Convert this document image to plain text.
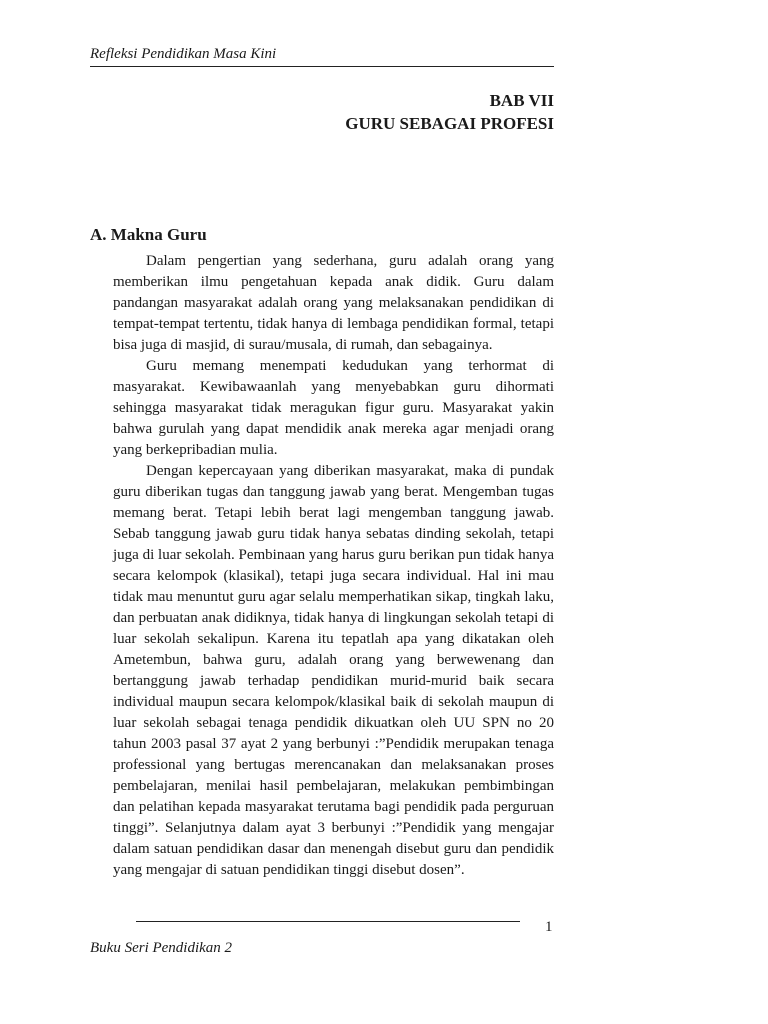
Refleksi Pendidikan Masa Kini
BAB VII
GURU SEBAGAI PROFESI
A. Makna Guru

Dalam pengertian yang sederhana, guru adalah orang yang memberikan ilmu pengetahuan kepada anak didik. Guru dalam pandangan masyarakat adalah orang yang melaksanakan pendidikan di tempat-tempat tertentu, tidak hanya di lembaga pendidikan formal, tetapi bisa juga di masjid, di surau/musala, di rumah, dan sebagainya.

Guru memang menempati kedudukan yang terhormat di masyarakat. Kewibawaanlah yang menyebabkan guru dihormati sehingga masyarakat tidak meragukan figur guru. Masyarakat yakin bahwa gurulah yang dapat mendidik anak mereka agar menjadi orang yang berkepribadian mulia.

Dengan kepercayaan yang diberikan masyarakat, maka di pundak guru diberikan tugas dan tanggung jawab yang berat. Mengemban tugas memang berat. Tetapi lebih berat lagi mengemban tanggung jawab. Sebab tanggung jawab guru tidak hanya sebatas dinding sekolah, tetapi juga di luar sekolah. Pembinaan yang harus guru berikan pun tidak hanya secara kelompok (klasikal), tetapi juga secara individual. Hal ini mau tidak mau menuntut guru agar selalu memperhatikan sikap, tingkah laku, dan perbuatan anak didiknya, tidak hanya di lingkungan sekolah tetapi di luar sekolah sekalipun. Karena itu tepatlah apa yang dikatakan oleh Ametembun, bahwa guru, adalah orang yang berwewenang dan bertanggung jawab terhadap pendidikan murid-murid baik secara individual maupun secara kelompok/klasikal baik di sekolah maupun di luar sekolah sebagai tenaga pendidik dikuatkan oleh UU SPN no 20 tahun 2003 pasal 37 ayat 2 yang berbunyi :”Pendidik merupakan tenaga professional yang bertugas merencanakan dan melaksanakan proses pembelajaran, menilai hasil pembelajaran, melakukan pembimbingan dan pelatihan kepada masyarakat terutama bagi pendidik pada perguruan tinggi”. Selanjutnya dalam ayat 3 berbunyi :”Pendidik yang mengajar dalam satuan pendidikan dasar dan menengah disebut guru dan pendidik yang mengajar di satuan pendidikan tinggi disebut dosen”.

1
Buku Seri Pendidikan 2
